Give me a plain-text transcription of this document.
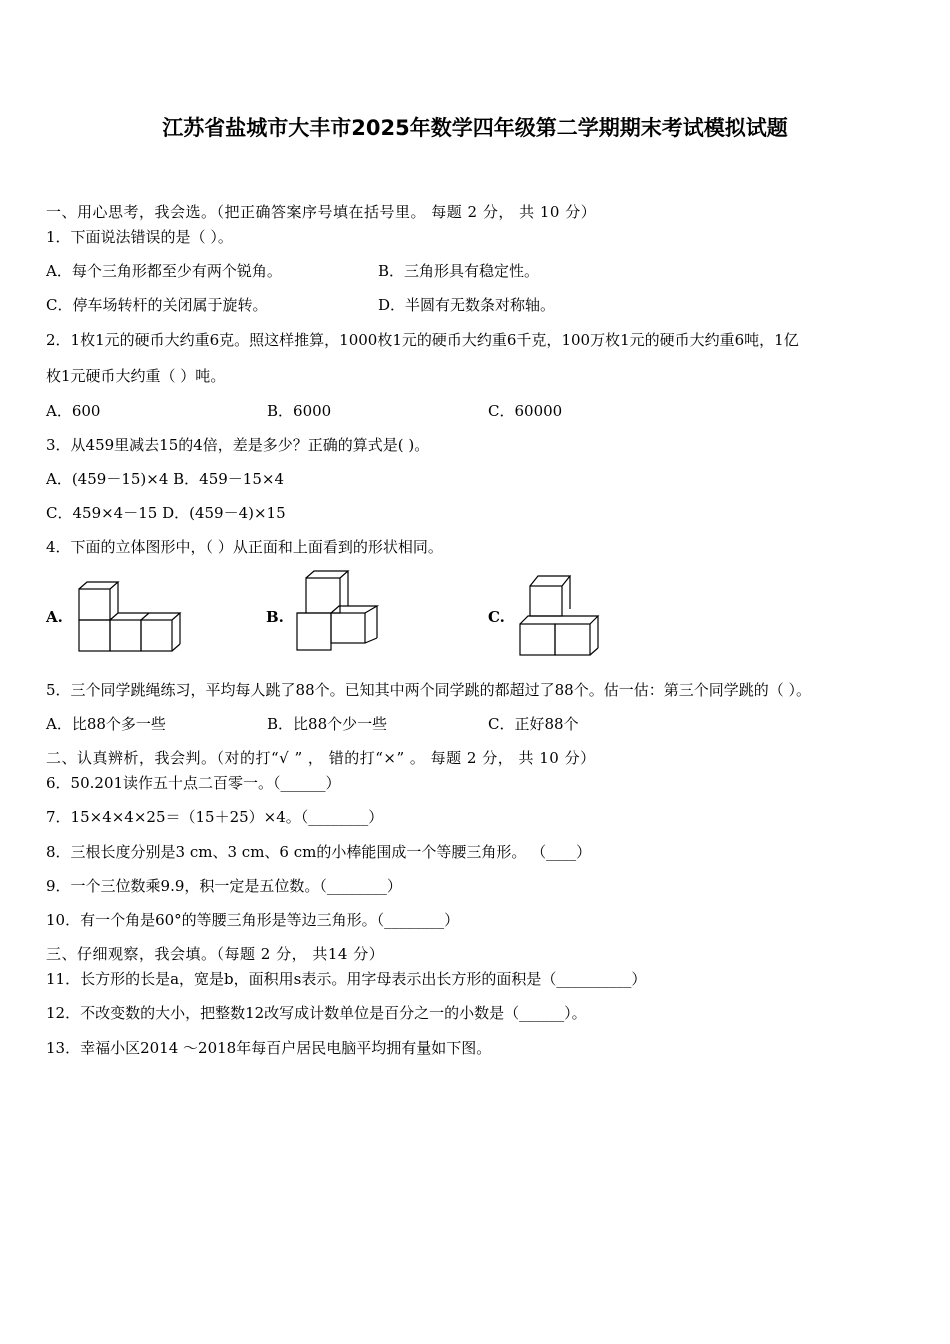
江苏省盐城市大丰市2025年数学四年级第二学期期末考试模拟试题
一、用心思考，我会选。（把正确答案序号填在括号里。 每题 2 分， 共 10 分）
1．下面说法错误的是（ ）。
A．每个三角形都至少有两个锐角。	B．三角形具有稳定性。
C．停车场转杆的关闭属于旋转。	D．半圆有无数条对称轴。
2．1枚1元的硬币大约重6克。照这样推算，1000枚1元的硬币大约重6千克，100万枚1元的硬币大约重6吨，1亿
枚1元硬币大约重（ ）吨。
A．600	B．6000	C．60000
3．从459里减去15的4倍，差是多少？正确的算式是( )。
A．(459－15)×4 B．459－15×4
C．459×4－15 D．(459－4)×15
4．下面的立体图形中，（ ）从正面和上面看到的形状相同。
A.	B.	C.
5．三个同学跳绳练习，平均每人跳了88个。已知其中两个同学跳的都超过了88个。估一估：第三个同学跳的（ ）。
A．比88个多一些	B．比88个少一些	C．正好88个
二、认真辨析，我会判。（对的打“√ ” ， 错的打“×” 。 每题 2 分， 共 10 分）
6．50.201读作五十点二百零一。（______）
7．15×4×4×25＝（15＋25）×4。（________）
8．三根长度分别是3 cm、3 cm、6 cm的小棒能围成一个等腰三角形。 （____）
9．一个三位数乘9.9，积一定是五位数。（________）
10．有一个角是60°的等腰三角形是等边三角形。（________）
三、仔细观察，我会填。（每题 2 分， 共14 分）
11．长方形的长是a，宽是b，面积用s表示。用字母表示出长方形的面积是（__________）
12．不改变数的大小，把整数12改写成计数单位是百分之一的小数是（______）。
13．幸福小区2014 ～2018年每百户居民电脑平均拥有量如下图。
